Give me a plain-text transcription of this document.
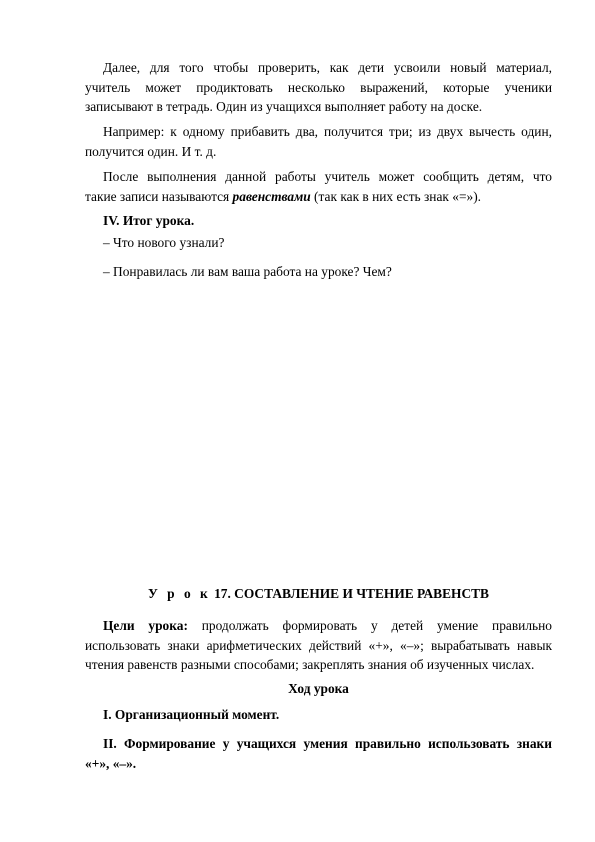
Далее, для того чтобы проверить, как дети усвоили новый материал,
учитель может продиктовать несколько выражений, которые ученики
записывают в тетрадь. Один из учащихся выполняет работу на доске.
Например: к одному прибавить два, получится три; из двух вычесть один,
получится один. И т. д.
После выполнения данной работы учитель может сообщить детям, что
такие записи называются равенствами (так как в них есть знак «=»).
IV. Итог урока.
– Что нового узнали?
– Понравилась ли вам ваша работа на уроке? Чем?
У р о к 17. СОСТАВЛЕНИЕ И ЧТЕНИЕ РАВЕНСТВ
Цели урока: продолжать формировать у детей умение правильно
использовать знаки арифметических действий «+», «–»; вырабатывать навык
чтения равенств разными способами; закреплять знания об изученных числах.
Ход урока
I. Организационный момент.
II. Формирование у учащихся умения правильно использовать знаки
«+», «–».
